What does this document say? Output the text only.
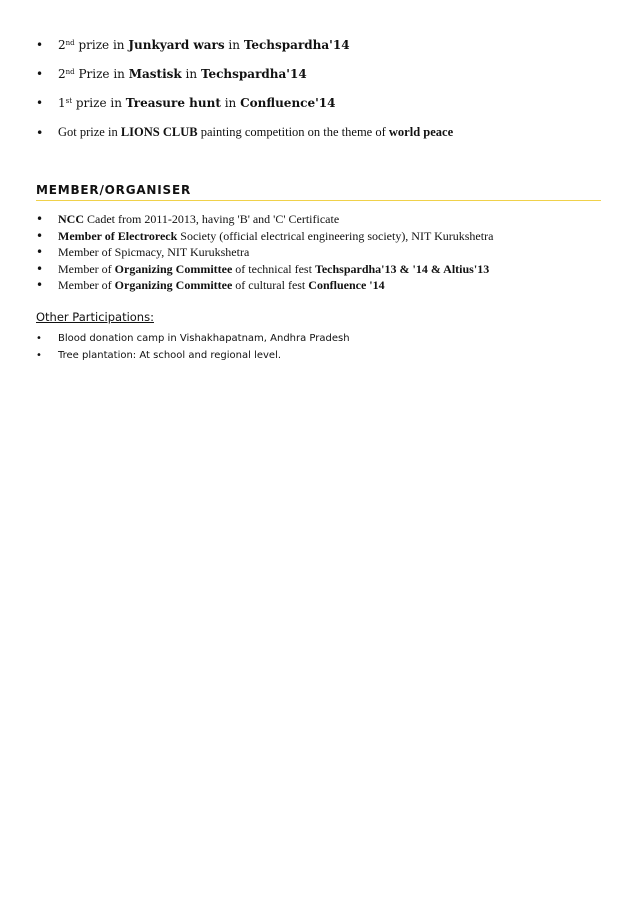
• 2nd prize in Junkyard wars in Techspardha'14
• 2nd Prize in Mastisk in Techspardha'14
• 1st prize in Treasure hunt in Confluence'14
• Got prize in LIONS CLUB painting competition on the theme of world peace
MEMBER/ORGANISER
• NCC Cadet from 2011-2013, having 'B' and 'C' Certificate
• Member of Electroreck Society (official electrical engineering society), NIT Kurukshetra
• Member of Spicmacy, NIT Kurukshetra
• Member of Organizing Committee of technical fest Techspardha'13 & '14 & Altius'13
• Member of Organizing Committee of cultural fest Confluence '14
Other Participations:
• Blood donation camp in Vishakhapatnam, Andhra Pradesh
• Tree plantation: At school and regional level.
